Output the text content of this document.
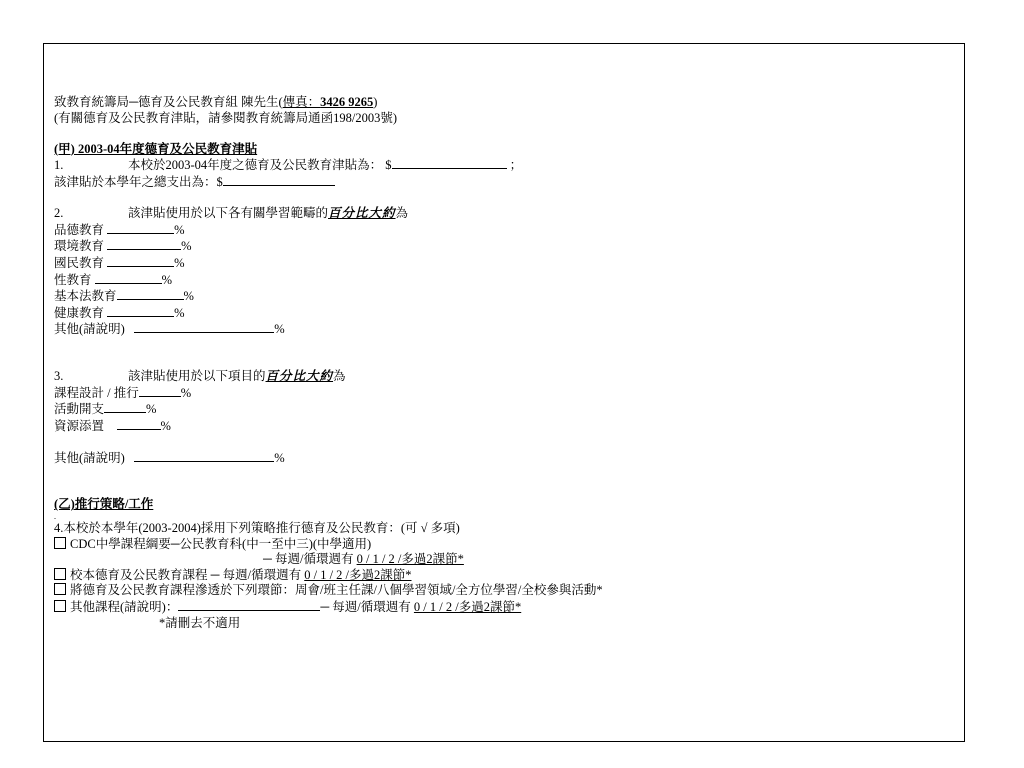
致教育統籌局─德育及公民教育組 陳先生(傳真：3426 9265)
(有關德育及公民教育津貼，請參閱教育統籌局通函198/2003號)
(甲) 2003-04年度德育及公民教育津貼
1.	本校於2003-04年度之德育及公民教育津貼為： $	；
該津貼於本學年之總支出為：$
2.	該津貼使用於以下各有關學習範疇的百分比大約為
品德教育	%
環境教育	%
國民教育	%
性教育	%
基本法教育	%
健康教育	%
其他(請說明)	%
3.	該津貼使用於以下項目的百分比大約為
課程設計 / 推行	%
活動開支	%
資源添置	%
其他(請說明)	%
(乙)推行策略/工作
.
4.本校於本學年(2003-2004)採用下列策略推行德育及公民教育：(可 √ 多項)
CDC中學課程綱要─公民教育科(中一至中三)(中學適用)
─ 每週/循環週有 0 / 1 / 2 /多過2課節*
校本德育及公民教育課程 ─ 每週/循環週有 0 / 1 / 2 /多過2課節*
將德育及公民教育課程滲透於下列環節：周會/班主任課/八個學習領域/全方位學習/全校參與活動*
其他課程(請說明)：	─ 每週/循環週有 0 / 1 / 2 /多過2課節*
*請刪去不適用
